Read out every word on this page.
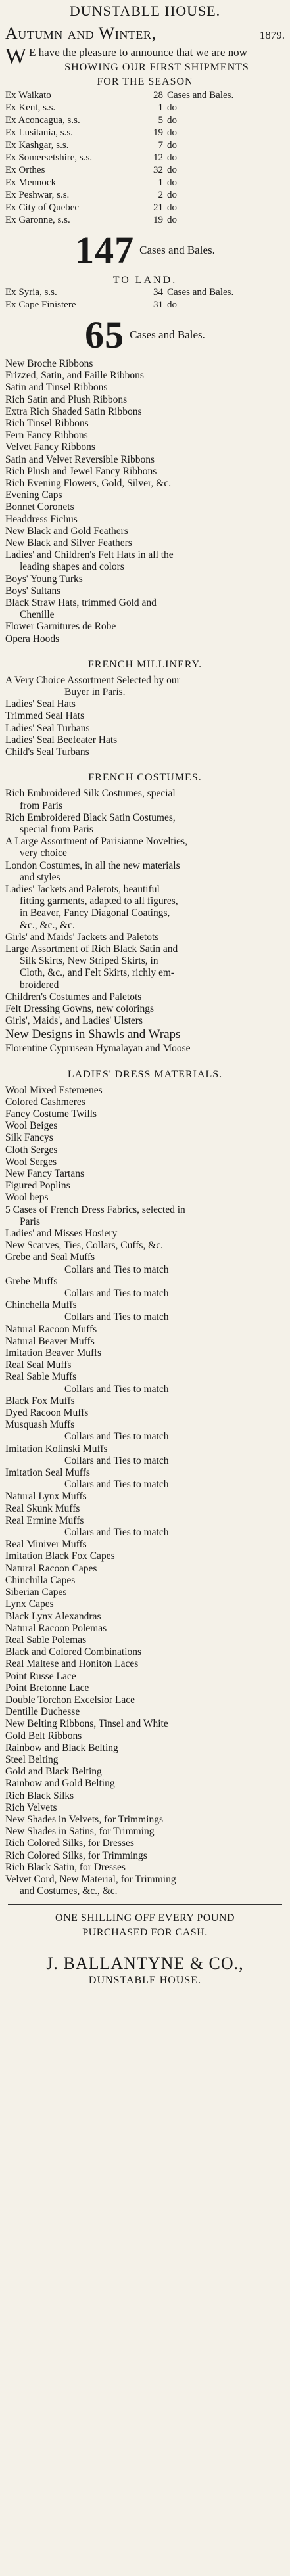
DUNSTABLE HOUSE.
Autumn and Winter,	1879.
W E have the pleasure to announce that we are now
SHOWING OUR FIRST SHIPMENTS
FOR THE SEASON
Ex Waikato	28 Cases and Bales.
Ex Kent, s.s.	1 do
Ex Aconcagua, s.s.	5 do
Ex Lusitania, s.s.	19 do
Ex Kashgar, s.s.	7 do
Ex Somersetshire, s.s.	12 do
Ex Orthes	32 do
Ex Mennock	1 do
Ex Peshwar, s.s.	2 do
Ex City of Quebec	21 do
Ex Garonne, s.s.	19 do
147 Cases and Bales.
TO LAND.
Ex Syria, s.s.	34 Cases and Bales.
Ex Cape Finistere	31 do
65 Cases and Bales.
New Broche Ribbons
Frizzed, Satin, and Faille Ribbons
Satin and Tinsel Ribbons
Rich Satin and Plush Ribbons
Extra Rich Shaded Satin Ribbons
Rich Tinsel Ribbons
Fern Fancy Ribbons
Velvet Fancy Ribbons
Satin and Velvet Reversible Ribbons
Rich Plush and Jewel Fancy Ribbons
Rich Evening Flowers, Gold, Silver, &c.
Evening Caps
Bonnet Coronets
Headdress Fichus
New Black and Gold Feathers
New Black and Silver Feathers
Ladies' and Children's Felt Hats in all the
leading shapes and colors
Boys' Young Turks
Boys' Sultans
Black Straw Hats, trimmed Gold and
Chenille
Flower Garnitures de Robe
Opera Hoods
FRENCH MILLINERY.
A Very Choice Assortment Selected by our
Buyer in Paris.
Ladies' Seal Hats
Trimmed Seal Hats
Ladies' Seal Turbans
Ladies' Seal Beefeater Hats
Child's Seal Turbans
FRENCH COSTUMES.
Rich Embroidered Silk Costumes, special
from Paris
Rich Embroidered Black Satin Costumes,
special from Paris
A Large Assortment of Parisianne Novelties,
very choice
London Costumes, in all the new materials
and styles
Ladies' Jackets and Paletots, beautiful
fitting garments, adapted to all figures,
in Beaver, Fancy Diagonal Coatings,
&c., &c., &c.
Girls' and Maids' Jackets and Paletots
Large Assortment of Rich Black Satin and
Silk Skirts, New Striped Skirts, in
Cloth, &c., and Felt Skirts, richly em-
broidered
Children's Costumes and Paletots
Felt Dressing Gowns, new colorings
Girls', Maids', and Ladies' Ulsters
New Designs in Shawls and Wraps
Florentine Cyprusean Hymalayan and Moose
LADIES' DRESS MATERIALS.
Wool Mixed Estemenes
Colored Cashmeres
Fancy Costume Twills
Wool Beiges
Silk Fancys
Cloth Serges
Wool Serges
New Fancy Tartans
Figured Poplins
Wool beps
5 Cases of French Dress Fabrics, selected in
Paris
Ladies' and Misses Hosiery
New Scarves, Ties, Collars, Cuffs, &c.
Grebe and Seal Muffs
Collars and Ties to match
Grebe Muffs
Collars and Ties to match
Chinchella Muffs
Collars and Ties to match
Natural Racoon Muffs
Natural Beaver Muffs
Imitation Beaver Muffs
Real Seal Muffs
Real Sable Muffs
Collars and Ties to match
Black Fox Muffs
Dyed Racoon Muffs
Musquash Muffs
Collars and Ties to match
Imitation Kolinski Muffs
Collars and Ties to match
Imitation Seal Muffs
Collars and Ties to match
Natural Lynx Muffs
Real Skunk Muffs
Real Ermine Muffs
Collars and Ties to match
Real Miniver Muffs
Imitation Black Fox Capes
Natural Racoon Capes
Chinchilla Capes
Siberian Capes
Lynx Capes
Black Lynx Alexandras
Natural Racoon Polemas
Real Sable Polemas
Black and Colored Combinations
Real Maltese and Honiton Laces
Point Russe Lace
Point Bretonne Lace
Double Torchon Excelsior Lace
Dentille Duchesse
New Belting Ribbons, Tinsel and White
Gold Belt Ribbons
Rainbow and Black Belting
Steel Belting
Gold and Black Belting
Rainbow and Gold Belting
Rich Black Silks
Rich Velvets
New Shades in Velvets, for Trimmings
New Shades in Satins, for Trimming
Rich Colored Silks, for Dresses
Rich Colored Silks, for Trimmings
Rich Black Satin, for Dresses
Velvet Cord, New Material, for Trimming
and Costumes, &c., &c.
ONE SHILLING OFF EVERY POUND
PURCHASED FOR CASH.
J. BALLANTYNE & CO.,
DUNSTABLE HOUSE.
